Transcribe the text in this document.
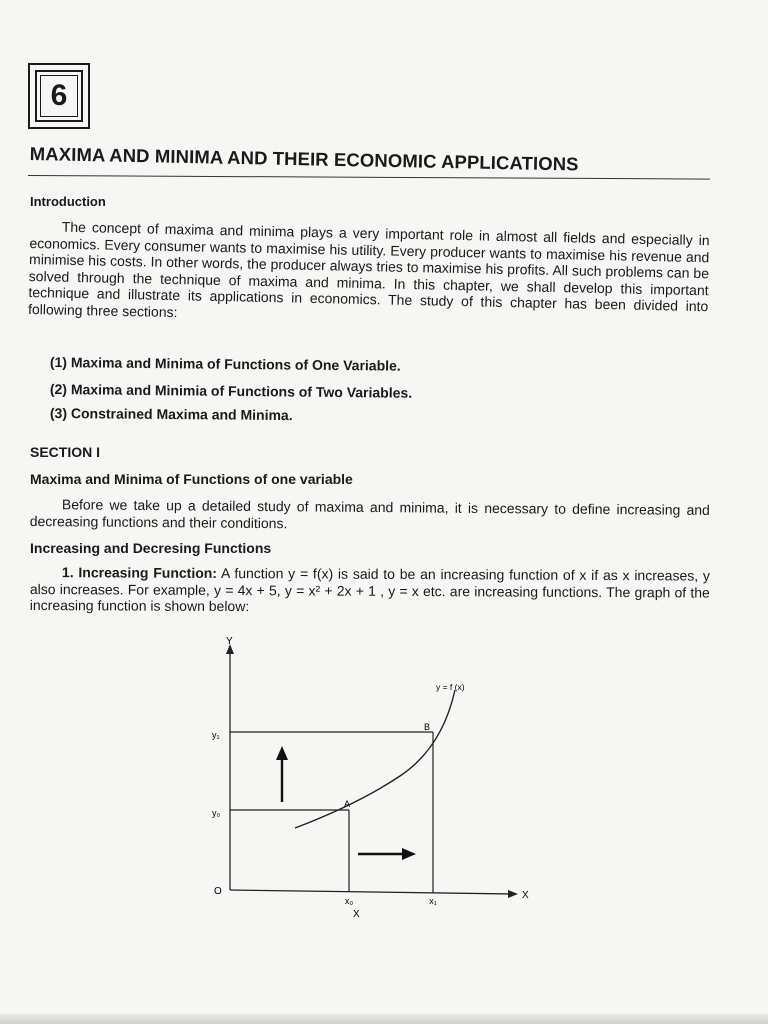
6
MAXIMA AND MINIMA AND THEIR ECONOMIC APPLICATIONS
Introduction
The concept of maxima and minima plays a very important role in almost all fields and especially in economics. Every consumer wants to maximise his utility. Every producer wants to maximise his revenue and minimise his costs. In other words, the producer always tries to maximise his profits. All such problems can be solved through the technique of maxima and minima. In this chapter, we shall develop this important technique and illustrate its applications in economics. The study of this chapter has been divided into following three sections:
(1) Maxima and Minima of Functions of One Variable.
(2) Maxima and Minimia of Functions of Two Variables.
(3) Constrained Maxima and Minima.
SECTION I
Maxima and Minima of Functions of one variable
Before we take up a detailed study of maxima and minima, it is necessary to define increasing and decreasing functions and their conditions.
Increasing and Decresing Functions
1. Increasing Function: A function y = f(x) is said to be an increasing function of x if as x increases, y also increases. For example, y = 4x + 5, y = x² + 2x + 1 , y = x etc. are increasing functions. The graph of the increasing function is shown below:
Y
X
O
y = f (x)
A
B
y₁
y₀
x₀	x₁
X
